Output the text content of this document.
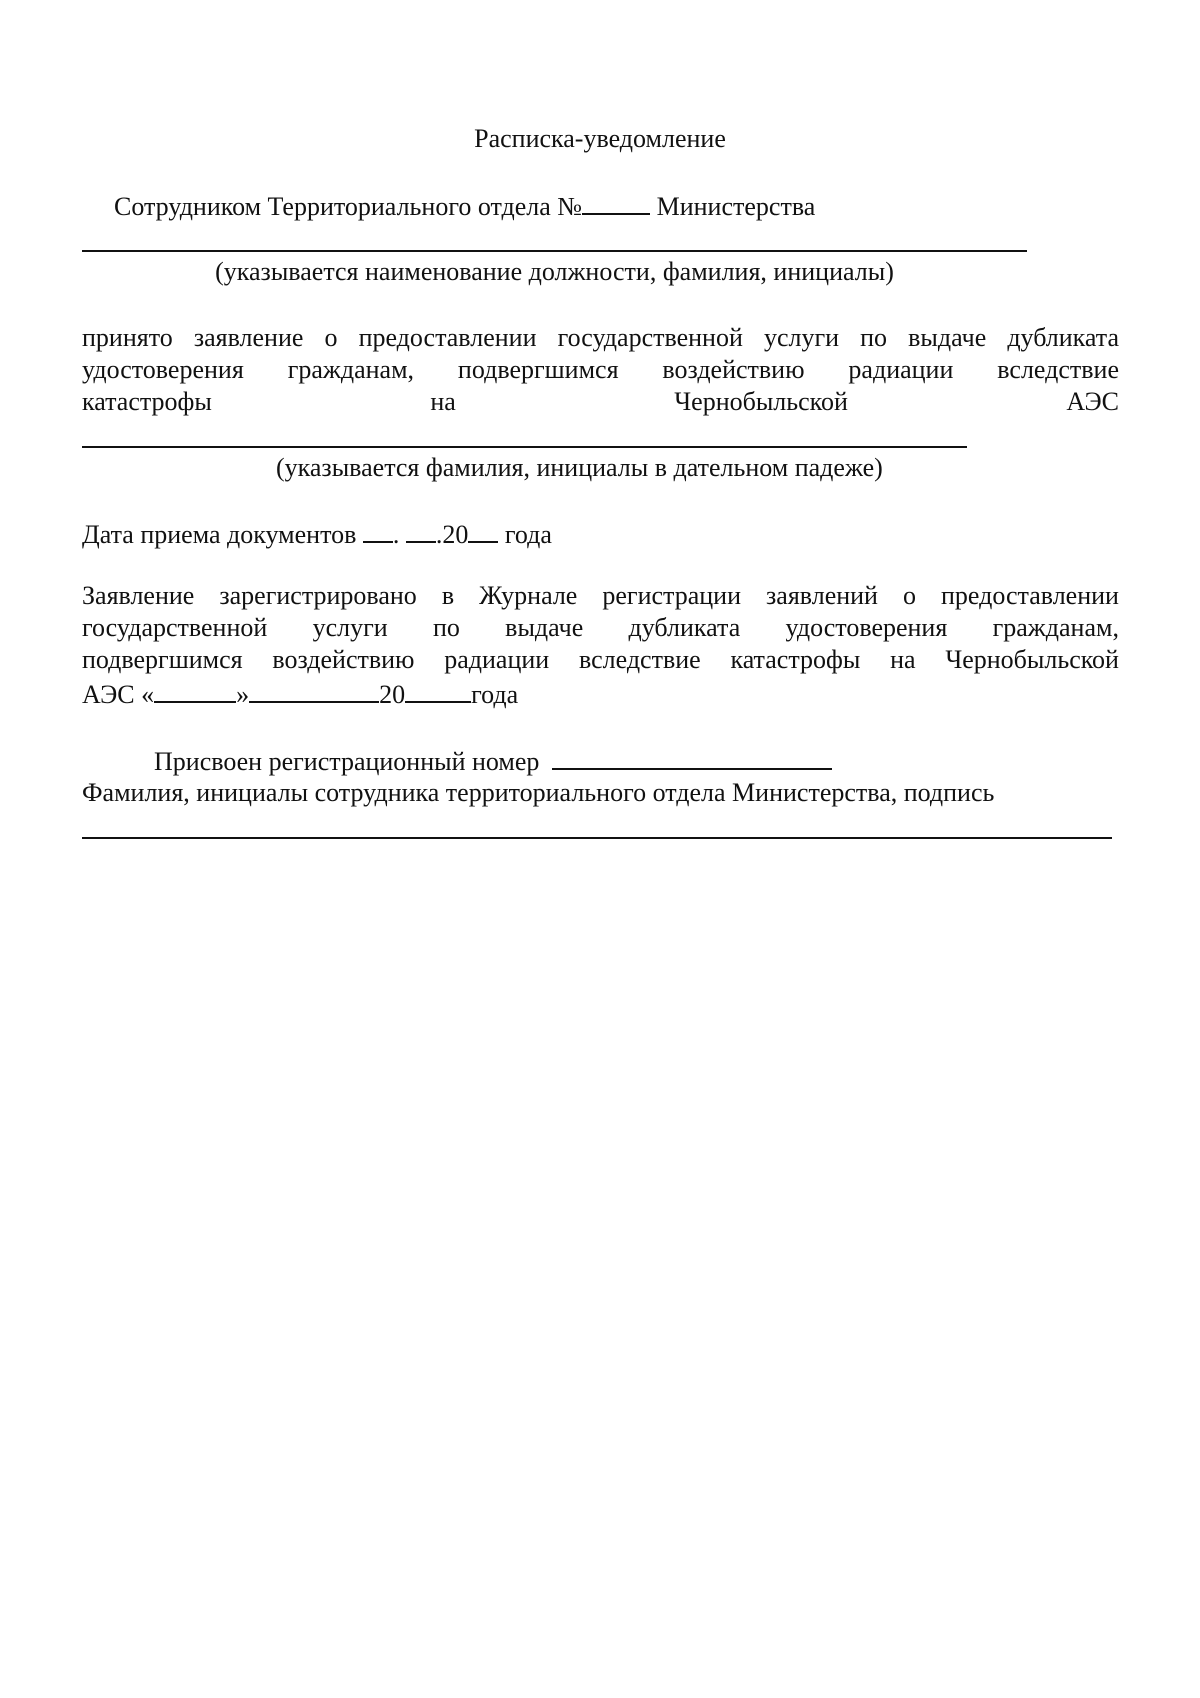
Расписка-уведомление
Сотрудником Территориального отдела №	Министерства
(указывается наименование должности, фамилия, инициалы)
принято заявление о предоставлении государственной услуги по выдаче дубликата
удостоверения гражданам, подвергшимся воздействию радиации вследствие
катастрофы	на	Чернобыльской	АЭС
(указывается фамилия, инициалы в дательном падеже)
Дата приема документов . .20 года
Заявление зарегистрировано в Журнале регистрации заявлений о предоставлении
государственной услуги по выдаче дубликата удостоверения гражданам,
подвергшимся воздействию радиации вследствие катастрофы на Чернобыльской
АЭС «	»	20	года
Присвоен регистрационный номер
Фамилия, инициалы сотрудника территориального отдела Министерства, подпись
